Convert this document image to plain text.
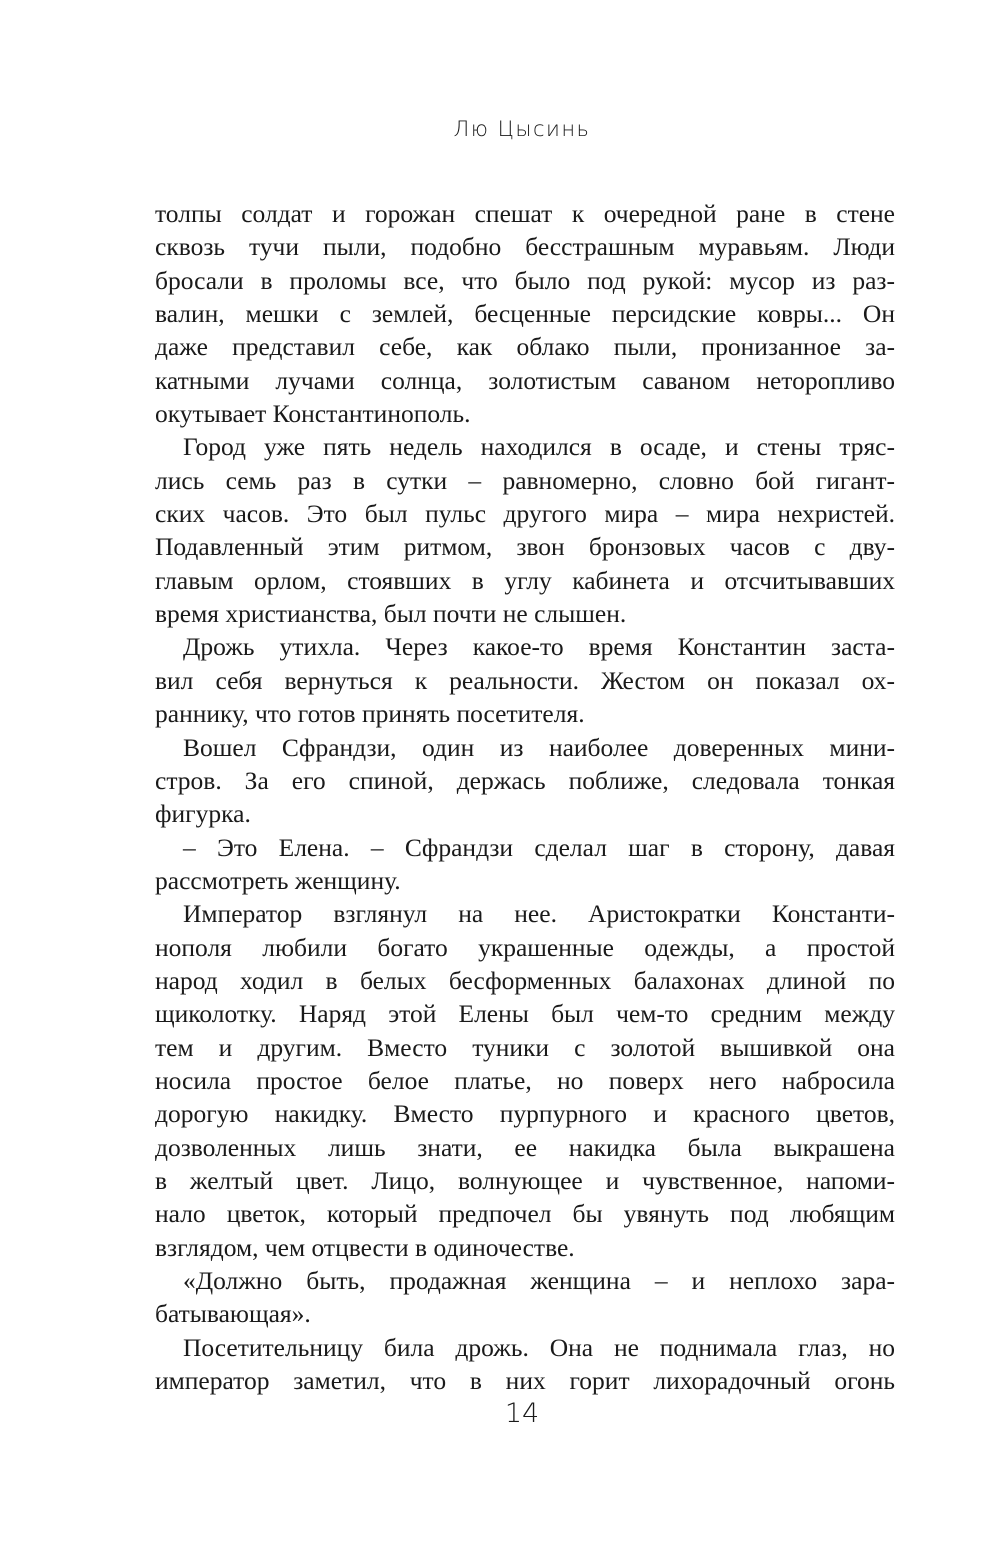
Лю Цысинь
толпы солдат и горожан спешат к очередной ране в стене
сквозь тучи пыли, подобно бесстрашным муравьям. Люди
бросали в проломы все, что было под рукой: мусор из раз-
валин, мешки с землей, бесценные персидские ковры... Он
даже представил себе, как облако пыли, пронизанное за-
катными лучами солнца, золотистым саваном неторопливо
окутывает Константинополь.
Город уже пять недель находился в осаде, и стены тряс-
лись семь раз в сутки – равномерно, словно бой гигант-
ских часов. Это был пульс другого мира – мира нехристей.
Подавленный этим ритмом, звон бронзовых часов с дву-
главым орлом, стоявших в углу кабинета и отсчитывавших
время христианства, был почти не слышен.
Дрожь утихла. Через какое-то время Константин заста-
вил себя вернуться к реальности. Жестом он показал ох-
раннику, что готов принять посетителя.
Вошел Сфрандзи, один из наиболее доверенных мини-
стров. За его спиной, держась поближе, следовала тонкая
фигурка.
– Это Елена. – Сфрандзи сделал шаг в сторону, давая
рассмотреть женщину.
Император взглянул на нее. Аристократки Константи-
нополя любили богато украшенные одежды, а простой
народ ходил в белых бесформенных балахонах длиной по
щиколотку. Наряд этой Елены был чем-то средним между
тем и другим. Вместо туники с золотой вышивкой она
носила простое белое платье, но поверх него набросила
дорогую накидку. Вместо пурпурного и красного цветов,
дозволенных лишь знати, ее накидка была выкрашена
в желтый цвет. Лицо, волнующее и чувственное, напоми-
нало цветок, который предпочел бы увянуть под любящим
взглядом, чем отцвести в одиночестве.
«Должно быть, продажная женщина – и неплохо зара-
батывающая».
Посетительницу била дрожь. Она не поднимала глаз, но
император заметил, что в них горит лихорадочный огонь
14
